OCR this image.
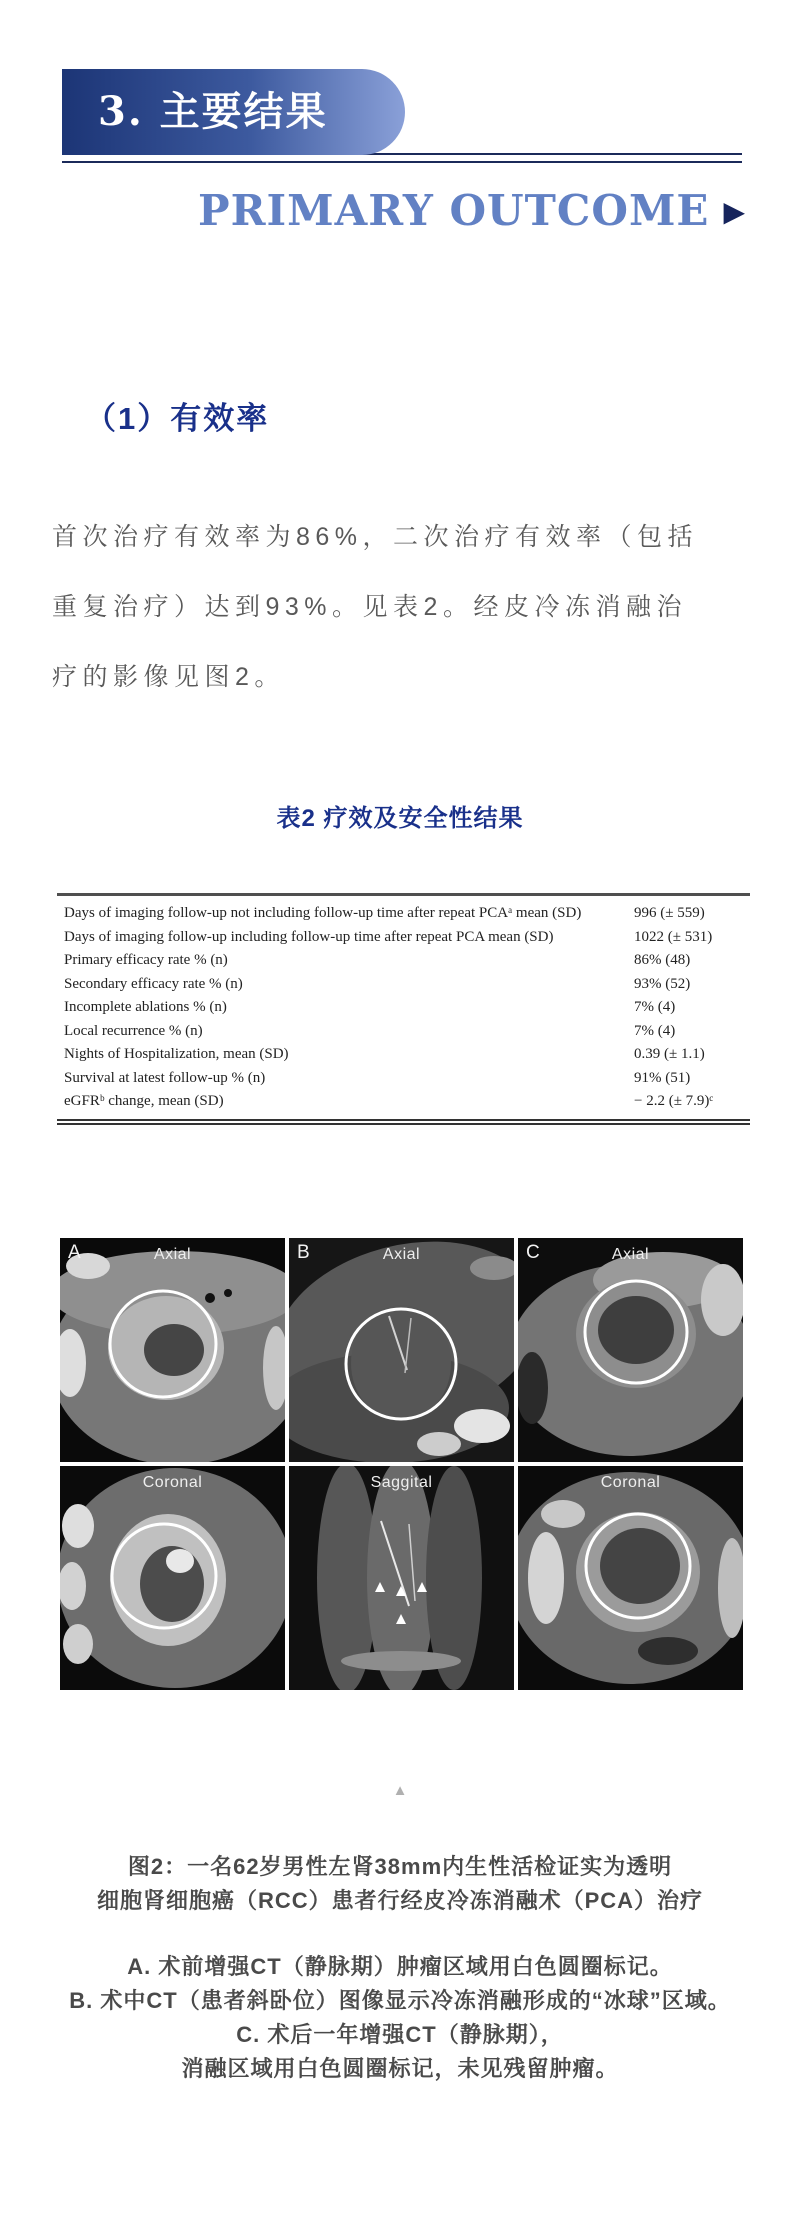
3. 主要结果
PRIMARY OUTCOME ▶
（1）有效率
首次治疗有效率为86%，二次治疗有效率（包括
重复治疗）达到93%。见表2。经皮冷冻消融治
疗的影像见图2。
表2 疗效及安全性结果
Days of imaging follow-up not including follow-up time after repeat PCAᵃ mean (SD)	996 (± 559)
Days of imaging follow-up including follow-up time after repeat PCA mean (SD)	1022 (± 531)
Primary efficacy rate % (n)	86% (48)
Secondary efficacy rate % (n)	93% (52)
Incomplete ablations % (n)	7% (4)
Local recurrence % (n)	7% (4)
Nights of Hospitalization, mean (SD)	0.39 (± 1.1)
Survival at latest follow-up % (n)	91% (51)
eGFRᵇ change, mean (SD)	− 2.2 (± 7.9)ᶜ
A	Axial	B	Axial	C	Axial
Coronal	Saggital	Coronal
▲
图2：一名62岁男性左肾38mm内生性活检证实为透明
细胞肾细胞癌（RCC）患者行经皮冷冻消融术（PCA）治疗
A. 术前增强CT（静脉期）肿瘤区域用白色圆圈标记。
B. 术中CT（患者斜卧位）图像显示冷冻消融形成的“冰球”区域。
C. 术后一年增强CT（静脉期），
消融区域用白色圆圈标记，未见残留肿瘤。
